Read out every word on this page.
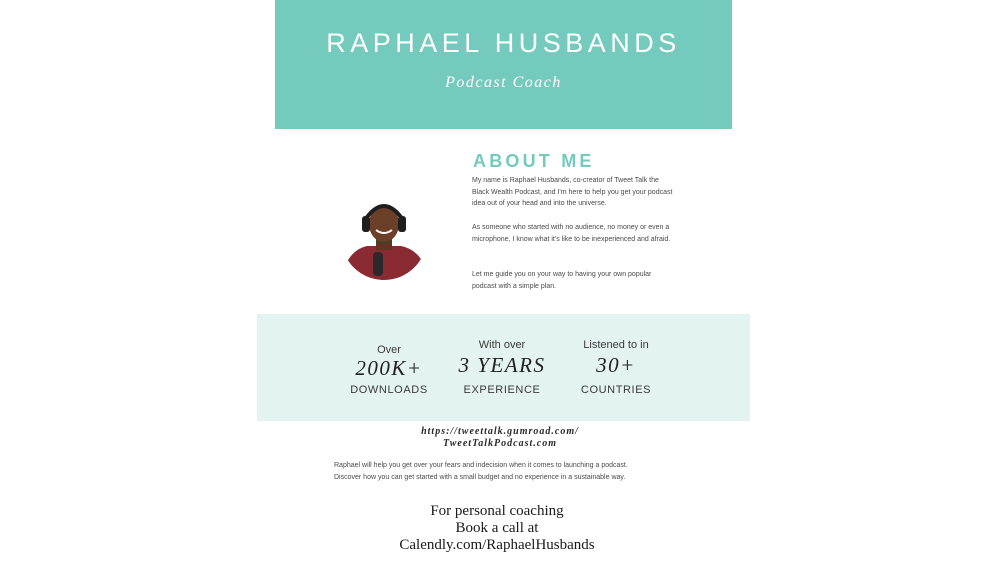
RAPHAEL HUSBANDS
Podcast Coach
ABOUT ME
My name is Raphael Husbands, co-creator of Tweet Talk the Black Wealth Podcast, and I'm here to help you get your podcast idea out of your head and into the universe.
As someone who started with no audience, no money or even a microphone, I know what it's like to be inexperienced and afraid.
Let me guide you on your way to having your own popular podcast with a simple plan.
Over
200K+
DOWNLOADS
With over
3 YEARS
EXPERIENCE
Listened to in
30+
COUNTRIES
https://tweettalk.gumroad.com/
TweetTalkPodcast.com
Raphael will help you get over your fears and indecision when it comes to launching a podcast.
Discover how you can get started with a small budget and no experience in a sustainable way.
For personal coaching
Book a call at
Calendly.com/RaphaelHusbands
